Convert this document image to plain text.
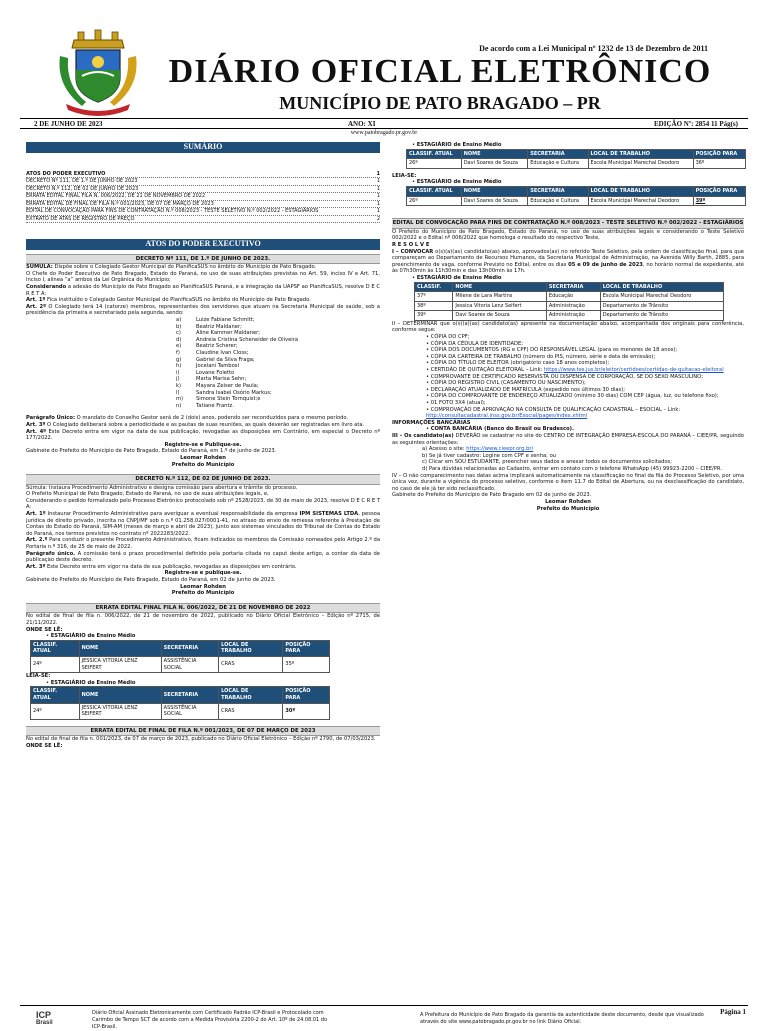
De acordo com a Lei Municipal nº 1232 de 13 de Dezembro de 2011
DIÁRIO OFICIAL ELETRÔNICO
MUNICÍPIO DE PATO BRAGADO – PR
2 DE JUNHO DE 2023	ANO: XI	EDIÇÃO Nº: 2854 11 Pág(s)
www.patobragado.pr.gov.br
SUMÁRIO
ATOS DO PODER EXECUTIVO	1
DECRETO Nº 111, DE 1.º DE JUNHO DE 2023	1
DECRETO N.º 112, DE 02 DE JUNHO DE 2023	1
ERRATA EDITAL FINAL FILA N. 006/2022, DE 21 DE NOVEMBRO DE 2022	1
ERRATA EDITAL DE FINAL DE FILA N.º 001/2023, DE 07 DE MARÇO DE 2023	1
EDITAL DE CONVOCAÇÃO PARA FINS DE CONTRATAÇÃO N.º 008/2023 - TESTE SELETIVO N.º 002/2022 - ESTAGIÁRIOS	1
EXTRATO DE ATAS DE REGISTRO DE PREÇO	2
ATOS DO PODER EXECUTIVO
DECRETO Nº 111, DE 1.º DE JUNHO DE 2023.

SÚMULA: Dispõe sobre o Colegiado Gestor Municipal do PlanificaSUS no âmbito do Município de Pato Bragado.

O Chefe do Poder Executivo de Pato Bragado, Estado do Paraná, no uso de suas atribuições previstas no Art. 59, inciso IV e Art. 71, inciso I, alínea “a” ambos da Lei Orgânica do Município;

Considerando a adesão do Município de Pato Bragado ao PlanificaSUS Paraná, e a integração da UAPSF ao PlanificaSUS, resolve D E C R E T A:

Art. 1º Fica instituído o Colegiado Gestor Municipal do PlanificaSUS no âmbito do Município de Pato Bragado.

Art. 2º O Colegiado terá 14 (catorze) membros, representantes dos servidores que atuam na Secretaria Municipal de saúde, sob a presidência da primeira e secretariado pela segunda, sendo:

a)	Luize Fabiane Schmitt;
b)	Beatriz Maldaner;
c)	Aline Kammer Maldaner;
d)	Andreia Cristina Scheneider de Oliveira
e)	Beatriz Scherer;
f)	Claudine Ivan Closs;
g)	Gabriel da Silva Fraga;
h)	Jocelani Tambosi
i)	Lovane Foletto
j)	Marta Marisa Sehn;
k)	Mayara Zeiser de Paula;
l)	Sandra Isabel Osório Markus;
m)	Simone Stein Tornquist;e
n)	Tatiane Frantz.

Parágrafo Único: O mandato do Conselho Gestor será de 2 (dois) anos, podendo ser reconduzidos para o mesmo período.

Art. 3º O Colegiado deliberará sobre a periodicidade e as pautas de suas reuniões, as quais deverão ser registradas em livro ata.

Art. 4º Este Decreto entra em vigor na data de sua publicação, revogadas as disposições em Contrário, em especial o Decreto nº 177/2022.

Registre-se e Publique-se.

Gabinete do Prefeito do Município de Pato Bragado, Estado do Paraná, em 1.º de junho de 2023.

Leomar Rohden

Prefeito do Município

DECRETO N.º 112, DE 02 DE JUNHO DE 2023.

Súmula: Instaura Procedimento Administrativo e designa comissão para abertura e trâmite do processo.

O Prefeito Municipal de Pato Bragado, Estado do Paraná, no uso de suas atribuições legais, e,

Considerando o pedido formalizado pelo Processo Eletrônico protocolado sob nº 2528/2023, de 30 de maio de 2023, resolve D E C R E T A:

Art. 1º Instaurar Procedimento Administrativo para averiguar a eventual responsabilidade da empresa IPM SISTEMAS LTDA, pessoa jurídica de direito privado, inscrita no CNPJ/MF sob o n.º 01.258.027/0001-41, no atraso do envio de remessa referente à Prestação de Contas do Estado do Paraná, SIM-AM (meses de março e abril de 2023), junto aos sistemas vinculados do Tribunal de Contas do Estado do Paraná, nos termos previstos no contrato nº 2022283/2022.

Art. 2.º Para conduzir o presente Procedimento Administrativo, ficam indicados os membros da Comissão nomeados pelo Artigo 2.º da Portaria n.º 316, de 25 de maio de 2022.

Parágrafo único. A comissão terá o prazo procedimental definido pela portaria citada no caput deste artigo, a contar da data de publicação deste decreto.

Art. 3º Este Decreto entra em vigor na data de sua publicação, revogadas as disposições em contrário.

Registre-se e publique-se.

Gabinete do Prefeito do Município de Pato Bragado, Estado do Paraná, em 02 de junho de 2023.

Leomar Rohden

Prefeito do Município

ERRATA EDITAL FINAL FILA N. 006/2022, DE 21 DE NOVEMBRO DE 2022

No edital de final de fila n. 006/2022, de 21 de novembro de 2022, publicado no Diário Oficial Eletrônico – Edição nº 2715, de 21/11/2022.

ONDE SE LÊ:

• ESTAGIÁRIO de Ensino Médio

CLASSIF. ATUAL	NOME	SECRETARIA	LOCAL DE TRABALHO	POSIÇÃO PARA
24º	JESSICA VITORIA LENZ SEIFERT	ASSISTÊNCIA SOCIAL	CRAS	35º

LEIA-SE:

• ESTAGIÁRIO de Ensino Médio

CLASSIF. ATUAL	NOME	SECRETARIA	LOCAL DE TRABALHO	POSIÇÃO PARA
24º	JESSICA VITORIA LENZ SEIFERT	ASSISTÊNCIA SOCIAL	CRAS	30º
ERRATA EDITAL DE FINAL DE FILA N.º 001/2023, DE 07 DE MARÇO DE 2023

No edital de final de fila n. 001/2023, de 07 de março de 2023, publicado no Diário Oficial Eletrônico – Edição nº 2790, de 07/03/2023.

ONDE SE LÊ:

• ESTAGIÁRIO de Ensino Médio

CLASSIF. ATUAL	NOME	SECRETARIA	LOCAL DE TRABALHO	POSIÇÃO PARA
26º	Davi Soares de Souza	Educação e Cultura	Escola Municipal Marechal Deodoro	36º

LEIA-SE:

• ESTAGIÁRIO de Ensino Médio

CLASSIF. ATUAL	NOME	SECRETARIA	LOCAL DE TRABALHO	POSIÇÃO PARA
26º	Davi Soares de Souza	Educação e Cultura	Escola Municipal Marechal Deodoro	39º
EDITAL DE CONVOCAÇÃO PARA FINS DE CONTRATAÇÃO N.º 008/2023 - TESTE SELETIVO N.º 002/2022 - ESTAGIÁRIOS

O Prefeito do Município de Pato Bragado, Estado do Paraná, no uso de suas atribuições legais e considerando o Teste Seletivo 002/2022 e o Edital nº 006/2022 que homologa o resultado do respectivo Teste,

R E S O L V E

I – CONVOCAR o(s)(a)(as) candidato(as) abaixo, aprovados(as) no referido Teste Seletivo, pela ordem de classificação final, para que compareçam ao Departamento de Recursos Humanos, da Secretaria Municipal de Administração, na Avenida Willy Barth, 2885, para preenchimento de vaga, conforme Previsto no Edital, entre os dias 05 e 09 de junho de 2023, no horário normal de expediente, até às 07h30min às 11h30min e das 13h00min às 17h.

• ESTAGIÁRIO de Ensino Médio

CLASSIF.	NOME	SECRETARIA	LOCAL DE TRABALHO
37º	Milene de Lara Martins	Educação	Escola Municipal Marechal Deodoro
38º	Jessica Vitoria Lenz Seifert	Administração	Departamento de Trânsito
39º	Davi Soares de Souza	Administração	Departamento de Trânsito

II – DETERMINAR que o(s)(a)(as) candidato(as) apresente na documentação abaixo, acompanhada dos originais para conferência, conforme segue:

• CÓPIA DO CPF;

• CÓPIA DA CÉDULA DE IDENTIDADE;

• CÓPIA DOS DOCUMENTOS (RG e CPF) DO RESPONSÁVEL LEGAL (para os menores de 18 anos);

• CÓPIA DA CARTEIRA DE TRABALHO (número do PIS, número, série e data de emissão);

• CÓPIA DO TÍTULO DE ELEITOR (obrigatório caso 18 anos completos);

• CERTIDÃO DE QUITAÇÃO ELEITORAL – Link: https://www.tse.jus.br/eleitor/certidoes/certidao-de-quitacao-eleitoral

• COMPROVANTE DE CERTIFICADO RESERVISTA OU DISPENSA DE CORPORAÇÃO, SE DO SEXO MASCULINO;

• CÓPIA DO REGISTRO CIVIL (CASAMENTO OU NASCIMENTO);

• DECLARAÇÃO ATUALIZADO DE MATRÍCULA (expedido nos últimos 30 dias);

• CÓPIA DO COMPROVANTE DE ENDEREÇO ATUALIZADO (mínimo 30 dias) COM CEP (água, luz, ou telefone fixo);

• 01 FOTO 3X4 (atual);

• COMPROVAÇÃO DE APROVAÇÃO NA CONSULTA DE QUALIFICAÇÃO CADASTRAL – ESOCIAL – Link: http://consultacadastral.inss.gov.br/Esocial/pages/index.xhtml

INFORMAÇÕES BANCÁRIAS

• CONTA BANCÁRIA (Banco do Brasil ou Bradesco).

III – Os candidato(as) DEVERÃO se cadastrar no site do CENTRO DE INTEGRAÇÃO EMPRESA-ESCOLA DO PARANÁ – CIEE/PR, seguindo as seguintes orientações:

a) Acesso o site: https://www.cieepr.org.br/

b) Se já tiver cadastro: Logine com CPF e senha; ou

c) Clicar em SOU ESTUDANTE, preencher seus dados e anexar todos os documentos solicitados;

d) Para dúvidas relacionadas ao Cadastro, entrar em contato com o telefone WhatsApp (45) 99923-2200 – CIEE/PR.

IV – O não comparecimento nas datas acima implicará automaticamente na classificação no final da fila do Processo Seletivo, por uma única vez, durante a vigência do processo seletivo, conforme o item 11.7 do Edital de Abertura, ou na desclassificação do candidato, no caso de ele já ter sido reclassificado.

Gabinete do Prefeito do Município de Pato Bragado em 02 de junho de 2023.

Leomar Rohden

Prefeito do Município

Página 1
ICP
Brasil
Diário Oficial Assinado Eletronicamente com Certificado Padrão ICP-Brasil e Protocolado com Carimbo de Tempo SCT de acordo com a Medida Provisória 2200-2 do Art. 10º de 24.08.01 do ICP-Brasil.
A Prefeitura do Município de Pato Bragado da garantia da autenticidade deste documento, desde que visualizado através do site www.patobragado.pr.gov.br no link Diário Oficial.
